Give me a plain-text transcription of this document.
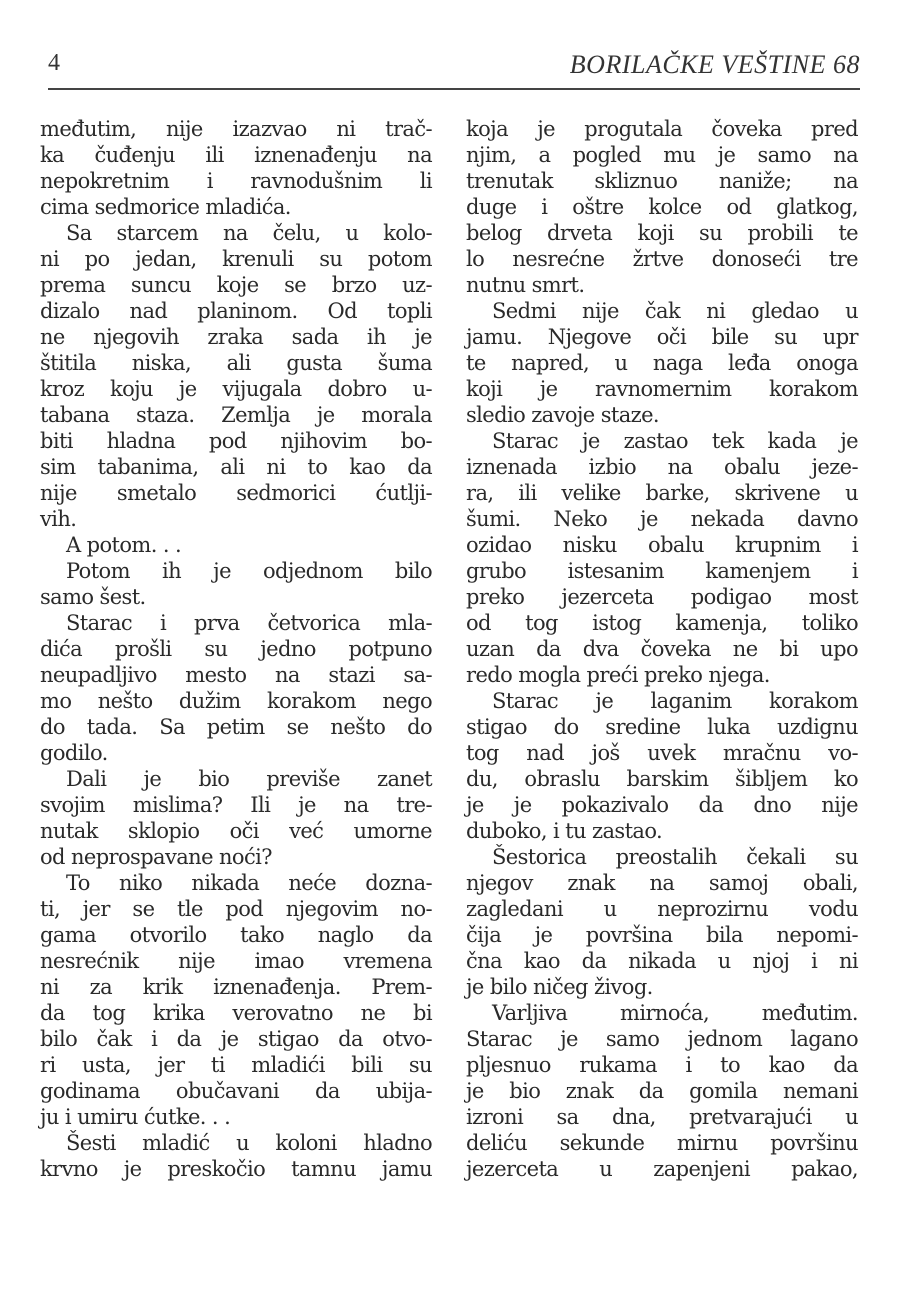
4	BORILAČKE VEŠTINE 68
međutim, nije izazvao ni trač-
ka čuđenju ili iznenađenju na
nepokretnim i ravnodušnim li
cima sedmorice mladića.
Sa starcem na čelu, u kolo-
ni po jedan, krenuli su potom
prema suncu koje se brzo uz-
dizalo nad planinom. Od topli
ne njegovih zraka sada ih je
štitila niska, ali gusta šuma
kroz koju je vijugala dobro u-
tabana staza. Zemlja je morala
biti hladna pod njihovim bo-
sim tabanima, ali ni to kao da
nije smetalo sedmorici ćutlji-
vih.
A potom. . .
Potom ih je odjednom bilo
samo šest.
Starac i prva četvorica mla-
dića prošli su jedno potpuno
neupadljivo mesto na stazi sa-
mo nešto dužim korakom nego
do tada. Sa petim se nešto do
godilo.
Dali je bio previše zanet
svojim mislima? Ili je na tre-
nutak sklopio oči već umorne
od neprospavane noći?
To niko nikada neće dozna-
ti, jer se tle pod njegovim no-
gama otvorilo tako naglo da
nesrećnik nije imao vremena
ni za krik iznenađenja. Prem-
da tog krika verovatno ne bi
bilo čak i da je stigao da otvo-
ri usta, jer ti mladići bili su
godinama obučavani da ubija-
ju i umiru ćutke. . .
Šesti mladić u koloni hladno
krvno je preskočio tamnu jamu
koja je progutala čoveka pred
njim, a pogled mu je samo na
trenutak skliznuo naniže; na
duge i oštre kolce od glatkog,
belog drveta koji su probili te
lo nesrećne žrtve donoseći tre
nutnu smrt.
Sedmi nije čak ni gledao u
jamu. Njegove oči bile su upr
te napred, u naga leđa onoga
koji je ravnomernim korakom
sledio zavoje staze.
Starac je zastao tek kada je
iznenada izbio na obalu jeze-
ra, ili velike barke, skrivene u
šumi. Neko je nekada davno
ozidao nisku obalu krupnim i
grubo istesanim kamenjem i
preko jezerceta podigao most
od tog istog kamenja, toliko
uzan da dva čoveka ne bi upo
redo mogla preći preko njega.
Starac je laganim korakom
stigao do sredine luka uzdignu
tog nad još uvek mračnu vo-
du, obraslu barskim šibljem ko
je je pokazivalo da dno nije
duboko, i tu zastao.
Šestorica preostalih čekali su
njegov znak na samoj obali,
zagledani u neprozirnu vodu
čija je površina bila nepomi-
čna kao da nikada u njoj i ni
je bilo ničeg živog.
Varljiva mirnoća, međutim.
Starac je samo jednom lagano
pljesnuo rukama i to kao da
je bio znak da gomila nemani
izroni sa dna, pretvarajući u
deliću sekunde mirnu površinu
jezerceta u zapenjeni pakao,
